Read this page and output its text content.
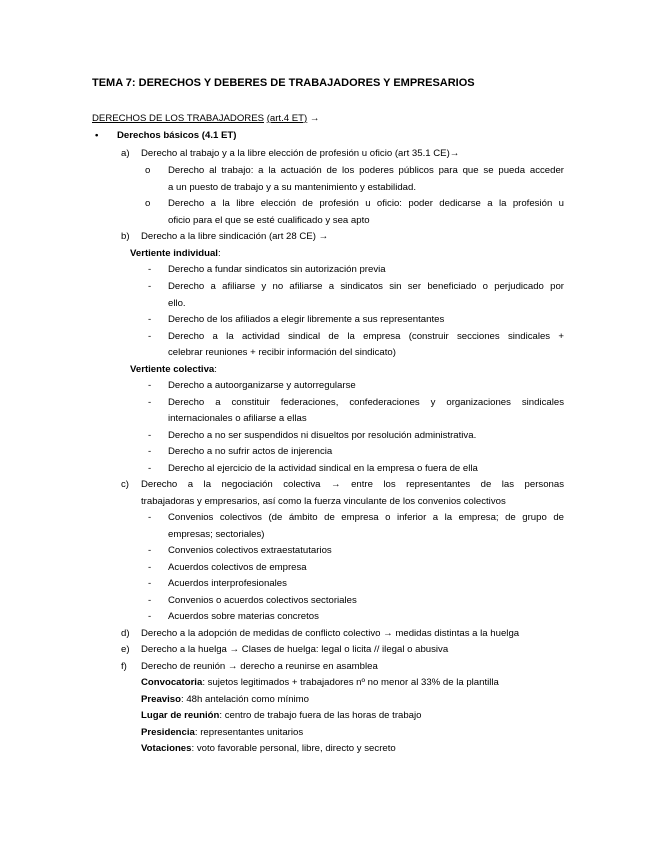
TEMA 7: DERECHOS Y DEBERES DE TRABAJADORES Y EMPRESARIOS
DERECHOS DE LOS TRABAJADORES (art.4 ET) →
• Derechos básicos (4.1 ET)
a) Derecho al trabajo y a la libre elección de profesión u oficio (art 35.1 CE)→
o Derecho al trabajo: a la actuación de los poderes públicos para que se pueda acceder
a un puesto de trabajo y a su mantenimiento y estabilidad.
o Derecho a la libre elección de profesión u oficio: poder dedicarse a la profesión u
oficio para el que se esté cualificado y sea apto
b) Derecho a la libre sindicación (art 28 CE) →
Vertiente individual:
- Derecho a fundar sindicatos sin autorización previa
- Derecho a afiliarse y no afiliarse a sindicatos sin ser beneficiado o perjudicado por
ello.
- Derecho de los afiliados a elegir libremente a sus representantes
- Derecho a la actividad sindical de la empresa (construir secciones sindicales +
celebrar reuniones + recibir información del sindicato)
Vertiente colectiva:
- Derecho a autoorganizarse y autorregularse
- Derecho a constituir federaciones, confederaciones y organizaciones sindicales
internacionales o afiliarse a ellas
- Derecho a no ser suspendidos ni disueltos por resolución administrativa.
- Derecho a no sufrir actos de injerencia
- Derecho al ejercicio de la actividad sindical en la empresa o fuera de ella
c) Derecho a la negociación colectiva → entre los representantes de las personas
trabajadoras y empresarios, así como la fuerza vinculante de los convenios colectivos
- Convenios colectivos (de ámbito de empresa o inferior a la empresa; de grupo de
empresas; sectoriales)
- Convenios colectivos extraestatutarios
- Acuerdos colectivos de empresa
- Acuerdos interprofesionales
- Convenios o acuerdos colectivos sectoriales
- Acuerdos sobre materias concretos
d) Derecho a la adopción de medidas de conflicto colectivo → medidas distintas a la huelga
e) Derecho a la huelga → Clases de huelga: legal o licita // ilegal o abusiva
f) Derecho de reunión → derecho a reunirse en asamblea
Convocatoria: sujetos legitimados + trabajadores nº no menor al 33% de la plantilla
Preaviso: 48h antelación como mínimo
Lugar de reunión: centro de trabajo fuera de las horas de trabajo
Presidencia: representantes unitarios
Votaciones: voto favorable personal, libre, directo y secreto
